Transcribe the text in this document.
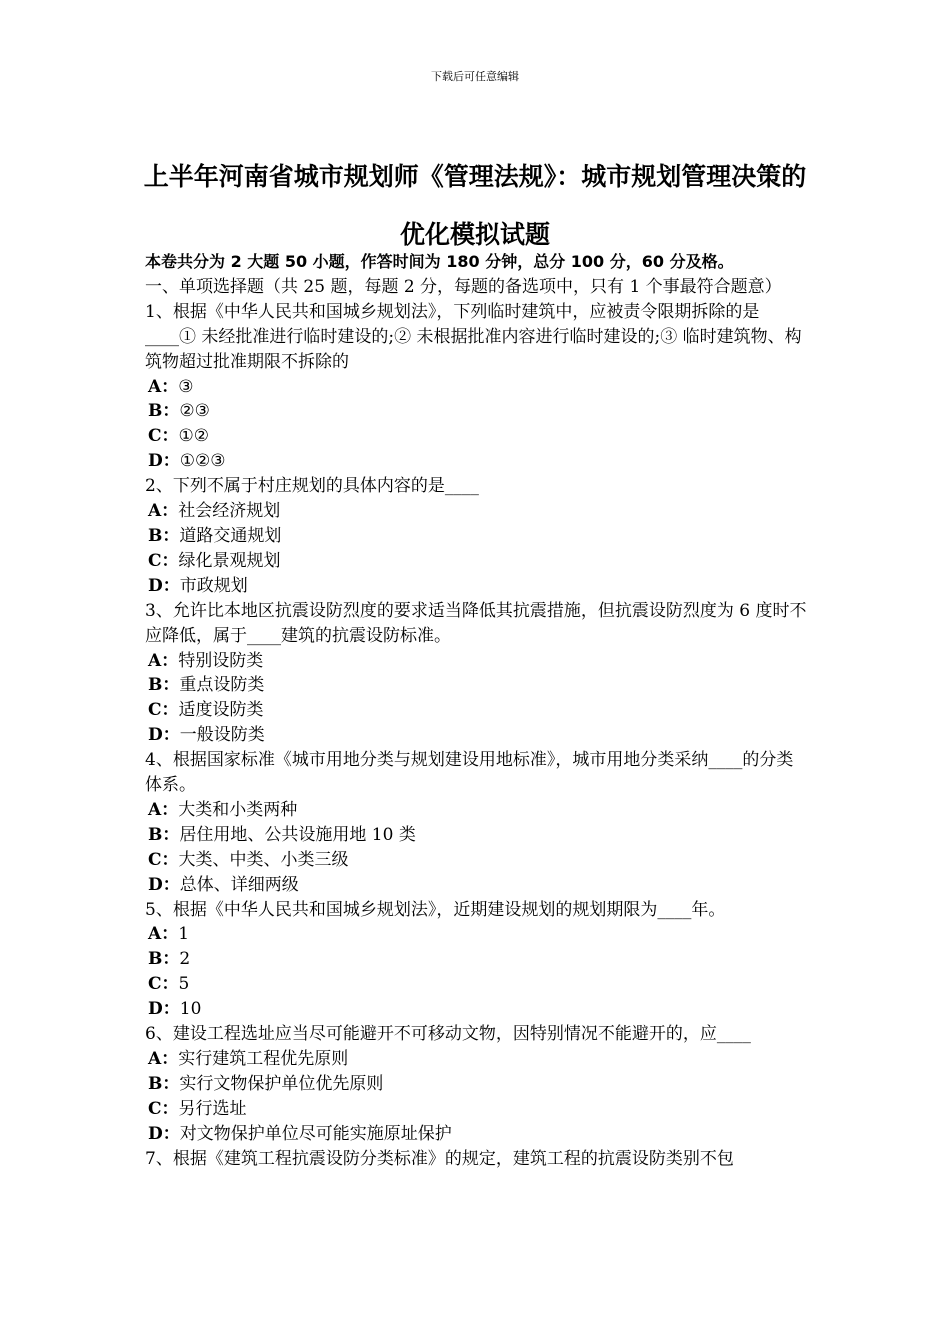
下载后可任意编辑
上半年河南省城市规划师《管理法规》：城市规划管理决策的优化模拟试题

本卷共分为 2 大题 50 小题，作答时间为 180 分钟，总分 100 分，60 分及格。

一、单项选择题（共 25 题，每题 2 分，每题的备选项中，只有 1 个事最符合题意）

1、根据《中华人民共和国城乡规划法》，下列临时建筑中，应被责令限期拆除的是____① 未经批准进行临时建设的;② 未根据批准内容进行临时建设的;③ 临时建筑物、构筑物超过批准期限不拆除的

A：③

B：②③

C：①②

D：①②③

2、下列不属于村庄规划的具体内容的是____

A：社会经济规划

B：道路交通规划

C：绿化景观规划

D：市政规划

3、允许比本地区抗震设防烈度的要求适当降低其抗震措施，但抗震设防烈度为 6 度时不应降低，属于____建筑的抗震设防标准。

A：特别设防类

B：重点设防类

C：适度设防类

D：一般设防类

4、根据国家标准《城市用地分类与规划建设用地标准》，城市用地分类采纳____的分类体系。

A：大类和小类两种

B：居住用地、公共设施用地 10 类

C：大类、中类、小类三级

D：总体、详细两级

5、根据《中华人民共和国城乡规划法》，近期建设规划的规划期限为____年。

A：1

B：2

C：5

D：10

6、建设工程选址应当尽可能避开不可移动文物，因特别情况不能避开的，应____

A：实行建筑工程优先原则

B：实行文物保护单位优先原则

C：另行选址

D：对文物保护单位尽可能实施原址保护

7、根据《建筑工程抗震设防分类标准》的规定，建筑工程的抗震设防类别不包
